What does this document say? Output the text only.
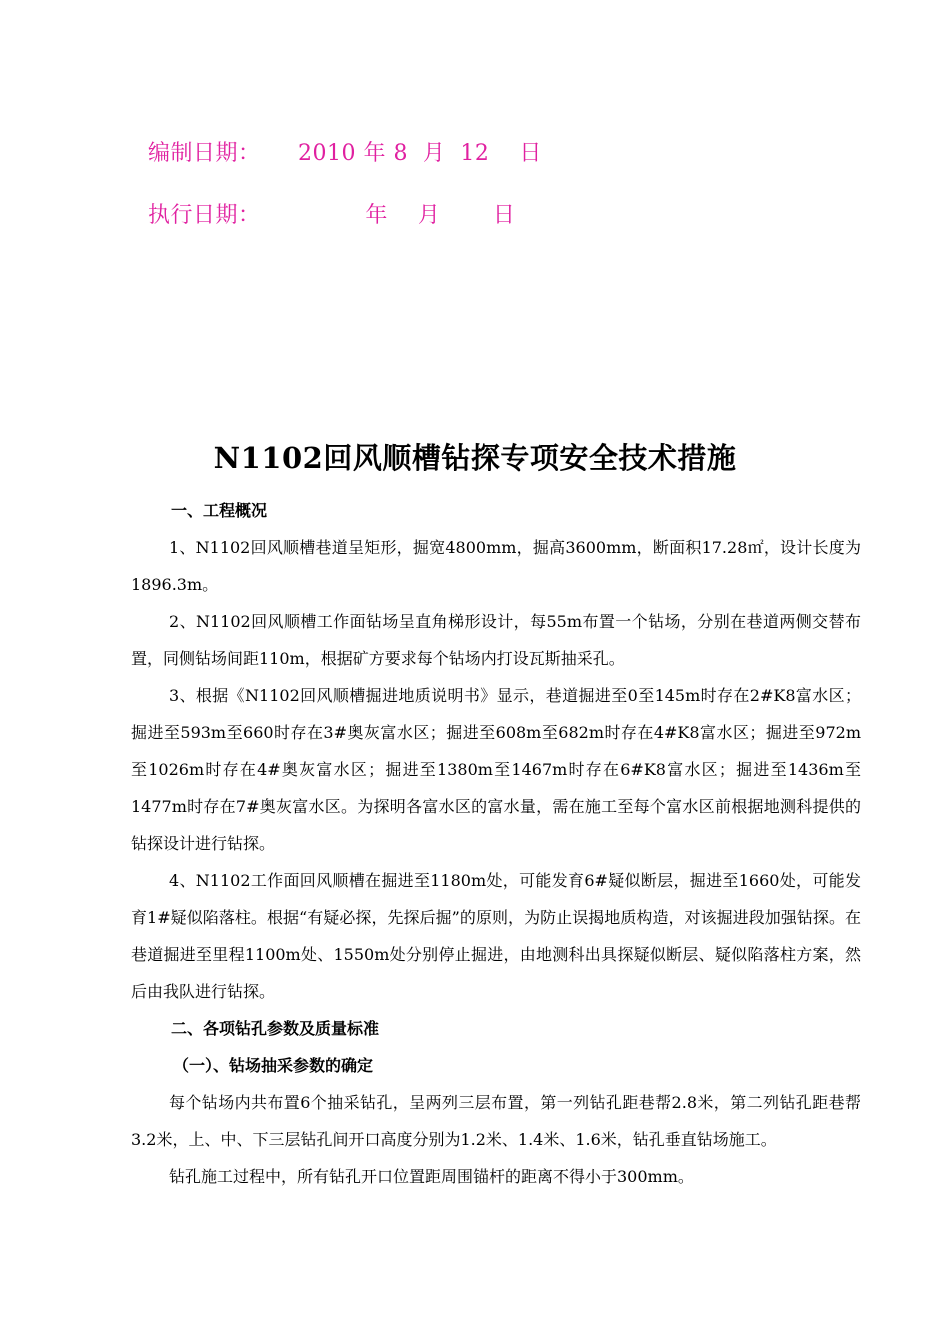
编制日期：     2010 年 8  月  12    日
执行日期：              年    月       日
N1102回风顺槽钻探专项安全技术措施

一、工程概况

1、N1102回风顺槽巷道呈矩形，掘宽4800mm，掘高3600mm，断面积17.28㎡，设计长度为1896.3m。

2、N1102回风顺槽工作面钻场呈直角梯形设计，每55m布置一个钻场，分别在巷道两侧交替布置，同侧钻场间距110m，根据矿方要求每个钻场内打设瓦斯抽采孔。

3、根据《N1102回风顺槽掘进地质说明书》显示，巷道掘进至0至145m时存在2#K8富水区；掘进至593m至660时存在3#奥灰富水区；掘进至608m至682m时存在4#K8富水区；掘进至972m至1026m时存在4#奥灰富水区；掘进至1380m至1467m时存在6#K8富水区；掘进至1436m至1477m时存在7#奥灰富水区。为探明各富水区的富水量，需在施工至每个富水区前根据地测科提供的钻探设计进行钻探。

4、N1102工作面回风顺槽在掘进至1180m处，可能发育6#疑似断层，掘进至1660处，可能发育1#疑似陷落柱。根据“有疑必探，先探后掘”的原则，为防止误揭地质构造，对该掘进段加强钻探。在巷道掘进至里程1100m处、1550m处分别停止掘进，由地测科出具探疑似断层、疑似陷落柱方案，然后由我队进行钻探。

二、各项钻孔参数及质量标准

（一）、钻场抽采参数的确定

每个钻场内共布置6个抽采钻孔，呈两列三层布置，第一列钻孔距巷帮2.8米，第二列钻孔距巷帮3.2米，上、中、下三层钻孔间开口高度分别为1.2米、1.4米、1.6米，钻孔垂直钻场施工。

钻孔施工过程中，所有钻孔开口位置距周围锚杆的距离不得小于300mm。
